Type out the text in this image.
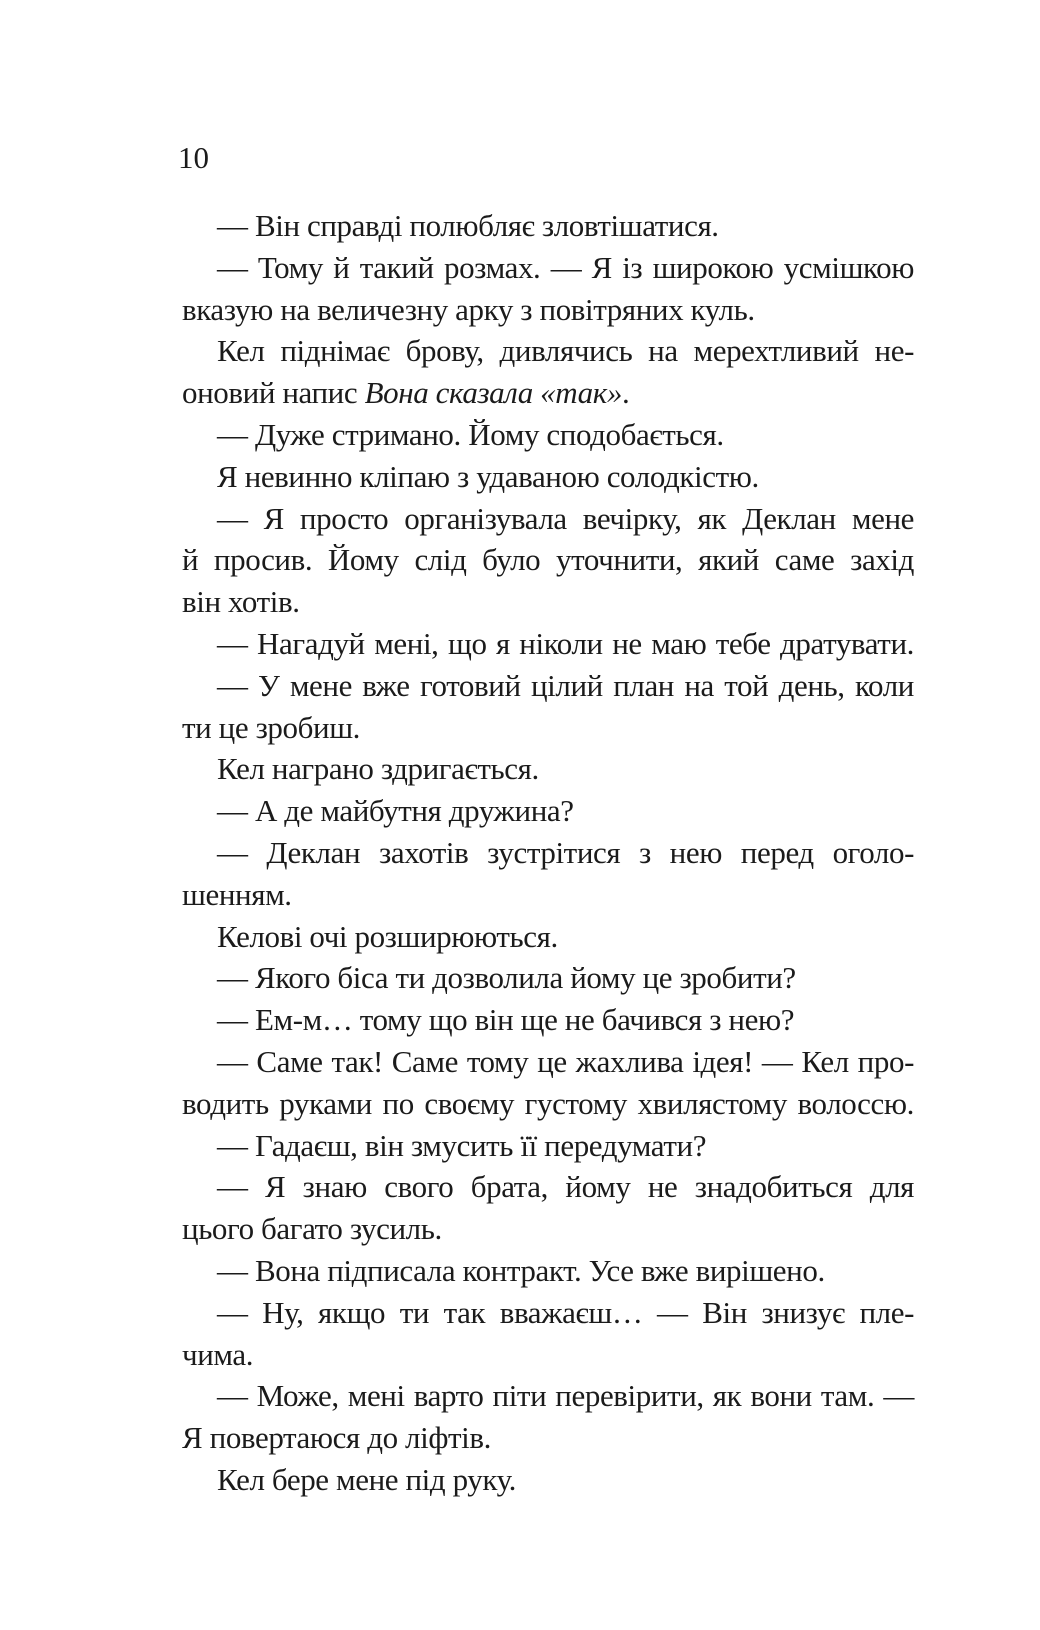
10
— Він справді полюбляє зловтішатися.
— Тому й такий розмах. — Я із широкою усмішкою
вказую на величезну арку з повітряних куль.
Кел піднімає брову, дивлячись на мерехтливий не-
оновий напис Вона сказала «так».
— Дуже стримано. Йому сподобається.
Я невинно кліпаю з удаваною солодкістю.
— Я просто організувала вечірку, як Деклан мене
й просив. Йому слід було уточнити, який саме захід
він хотів.
— Нагадуй мені, що я ніколи не маю тебе дратувати.
— У мене вже готовий цілий план на той день, коли
ти це зробиш.
Кел награно здригається.
— А де майбутня дружина?
— Деклан захотів зустрітися з нею перед оголо-
шенням.
Келові очі розширюються.
— Якого біса ти дозволила йому це зробити?
— Ем-м… тому що він ще не бачився з нею?
— Саме так! Саме тому це жахлива ідея! — Кел про-
водить руками по своєму густому хвилястому волоссю.
— Гадаєш, він змусить її передумати?
— Я знаю свого брата, йому не знадобиться для
цього багато зусиль.
— Вона підписала контракт. Усе вже вирішено.
— Ну, якщо ти так вважаєш… — Він знизує пле-
чима.
— Може, мені варто піти перевірити, як вони там. —
Я повертаюся до ліфтів.
Кел бере мене під руку.
